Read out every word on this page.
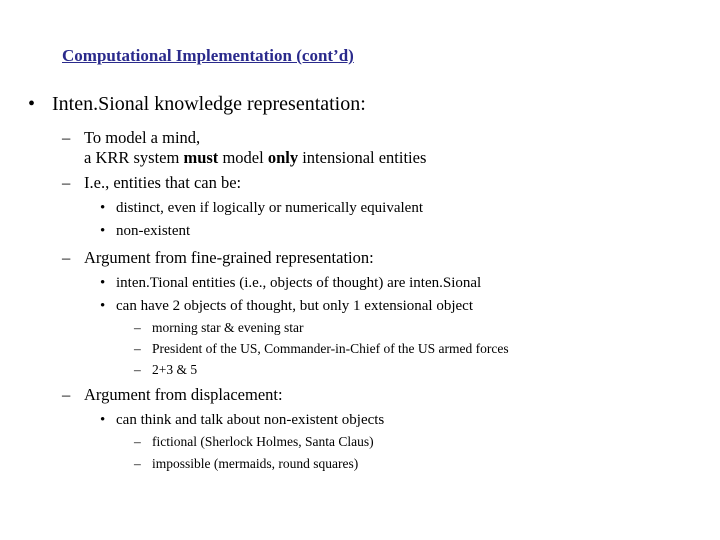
Computational Implementation (cont’d)
• Inten.Sional knowledge representation:
– To model a mind,
a KRR system must model only intensional entities
– I.e., entities that can be:
• distinct, even if logically or numerically equivalent
• non-existent
– Argument from fine-grained representation:
• inten.Tional entities (i.e., objects of thought) are inten.Sional
• can have 2 objects of thought, but only 1 extensional object
– morning star & evening star
– President of the US, Commander-in-Chief of the US armed forces
– 2+3 & 5
– Argument from displacement:
• can think and talk about non-existent objects
– fictional (Sherlock Holmes, Santa Claus)
– impossible (mermaids, round squares)
